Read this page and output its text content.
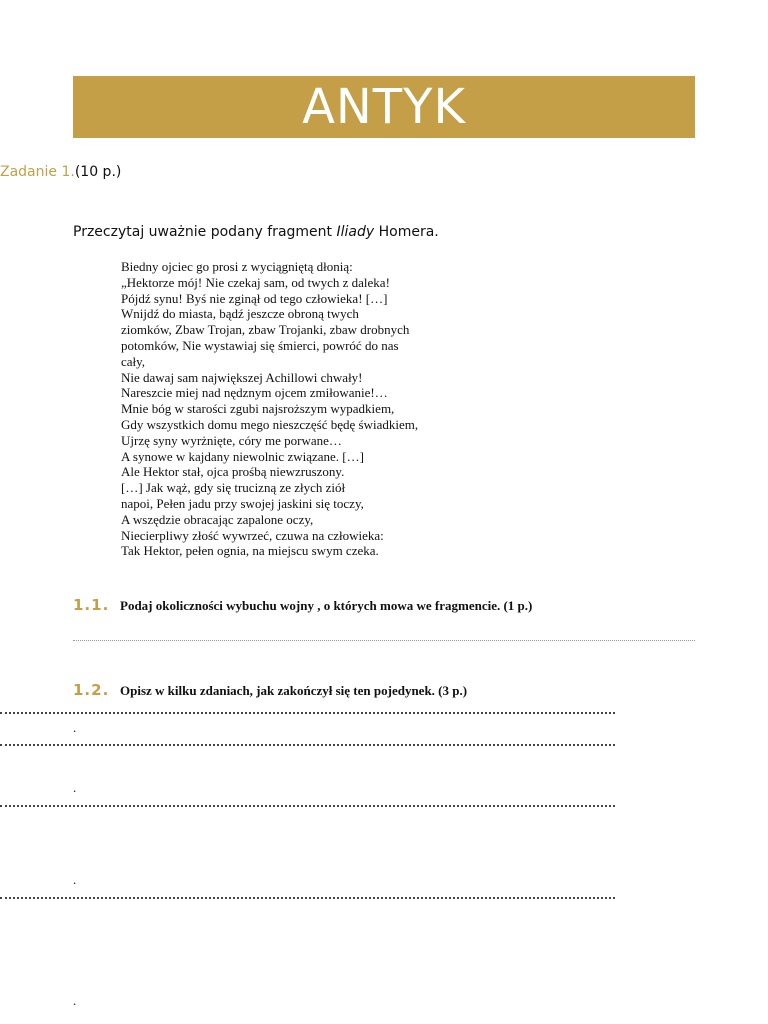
ANTYK
Zadanie 1.(10 p.)
Przeczytaj uważnie podany fragment Iliady Homera.
Biedny ojciec go prosi z wyciągniętą dłonią:
„Hektorze mój! Nie czekaj sam, od twych z daleka!
Pójdź synu! Byś nie zginął od tego człowieka! […]
Wnijdź do miasta, bądź jeszcze obroną twych
ziomków, Zbaw Trojan, zbaw Trojanki, zbaw drobnych
potomków, Nie wystawiaj się śmierci, powróć do nas
cały,
Nie dawaj sam największej Achillowi chwały!
Nareszcie miej nad nędznym ojcem zmiłowanie!…
Mnie bóg w starości zgubi najsroższym wypadkiem,
Gdy wszystkich domu mego nieszczęść będę świadkiem,
Ujrzę syny wyrżnięte, córy me porwane…
A synowe w kajdany niewolnic związane. […]
Ale Hektor stał, ojca prośbą niewzruszony.
[…] Jak wąż, gdy się trucizną ze złych ziół
napoi, Pełen jadu przy swojej jaskini się toczy,
A wszędzie obracając zapalone oczy,
Niecierpliwy złość wywrzeć, czuwa na człowieka:
Tak Hektor, pełen ognia, na miejscu swym czeka.
1.1. Podaj okoliczności wybuchu wojny , o których mowa we fragmencie. (1 p.)
1.2. Opisz w kilku zdaniach, jak zakończył się ten pojedynek. (3 p.)
.
.
.
.
